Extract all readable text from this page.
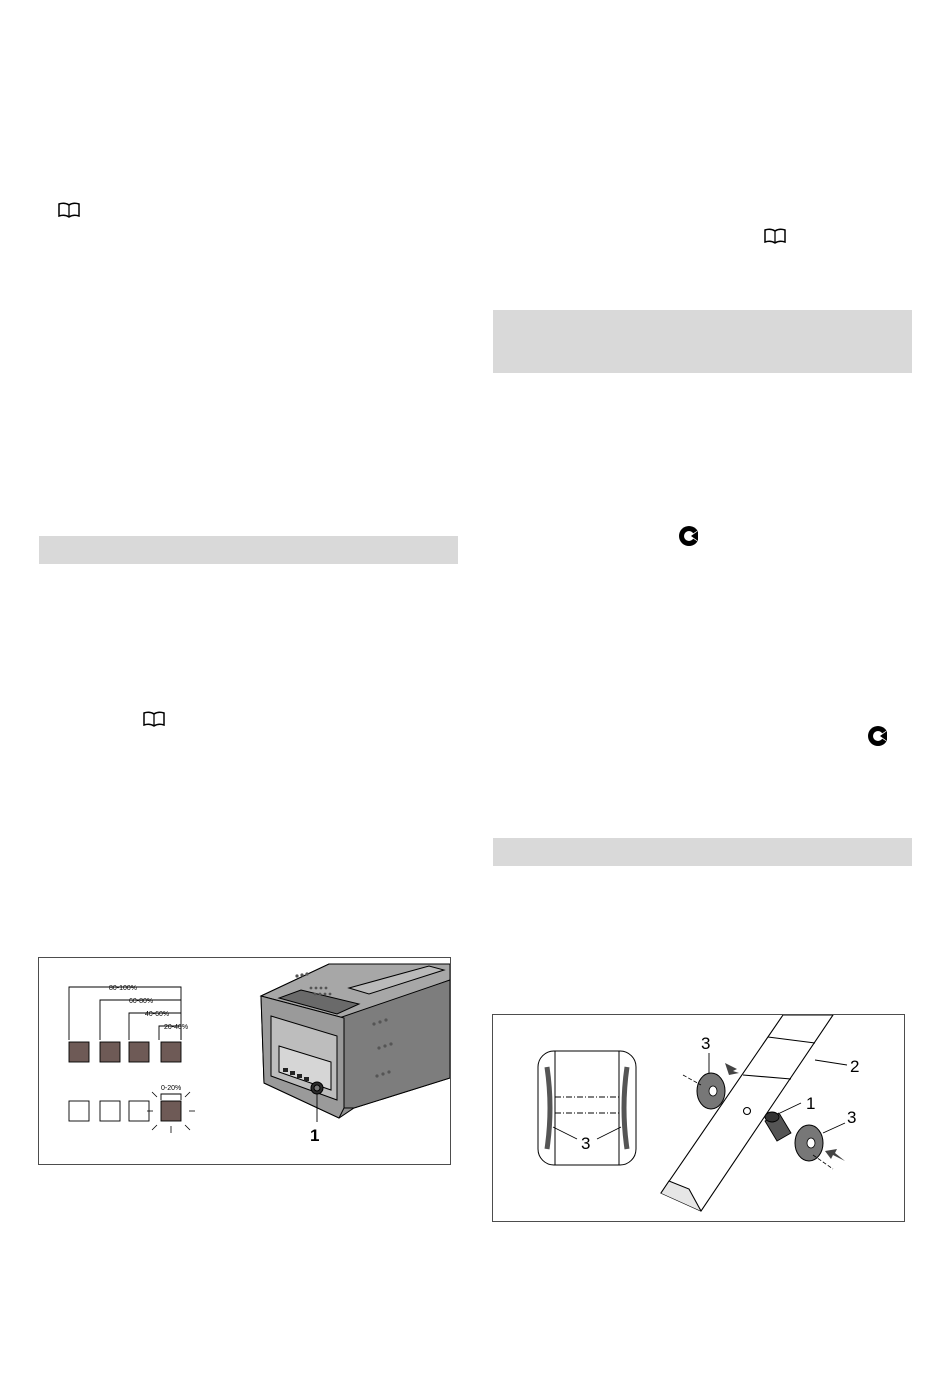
80-100%
60-80%
40-60%
20-40%
0-20%
1	3
2
3
1
3
